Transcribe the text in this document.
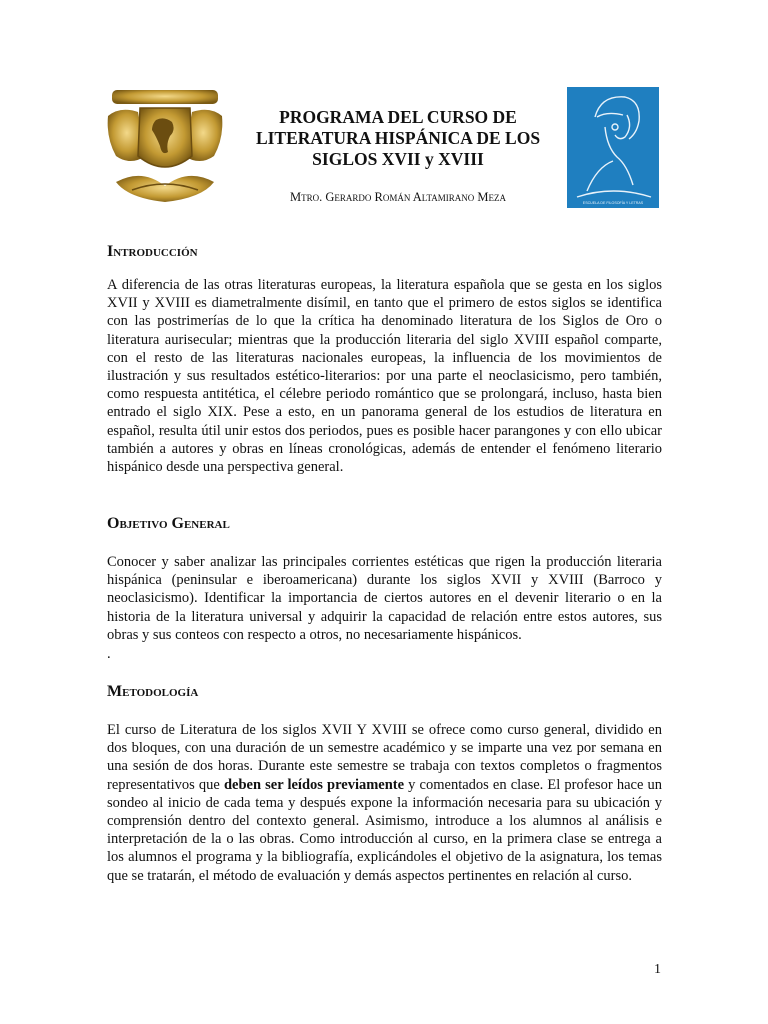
PROGRAMA DEL CURSO DE
LITERATURA HISPÁNICA DE LOS
SIGLOS XVII y XVIII
Mtro. Gerardo Román Altamirano Meza	ESCUELA DE FILOSOFÍA Y LETRAS
Introducción
A diferencia de las otras literaturas europeas, la literatura española que se gesta en los siglos XVII y XVIII es diametralmente disímil, en tanto que el primero de estos siglos se identifica con las postrimerías de lo que la crítica ha denominado literatura de los Siglos de Oro o literatura aurisecular; mientras que la producción literaria del siglo XVIII español comparte, con el resto de las literaturas nacionales europeas, la influencia de los movimientos de ilustración y sus resultados estético-literarios: por una parte el neoclasicismo, pero también, como respuesta antitética, el célebre periodo romántico que se prolongará, incluso, hasta bien entrado el siglo XIX. Pese a esto, en un panorama general de los estudios de literatura en español, resulta útil unir estos dos periodos, pues es posible hacer parangones y con ello ubicar también a autores y obras en líneas cronológicas, además de entender el fenómeno literario hispánico desde una perspectiva general.
Objetivo General
Conocer y saber analizar las principales corrientes estéticas que rigen la producción literaria hispánica (peninsular e iberoamericana) durante los siglos XVII y XVIII (Barroco y neoclasicismo). Identificar la importancia de ciertos autores en el devenir literario o en la historia de la literatura universal y adquirir la capacidad de relación entre estos autores, sus obras y sus conteos con respecto a otros, no necesariamente hispánicos.
.
Metodología
El curso de Literatura de los siglos XVII Y XVIII se ofrece como curso general, dividido en dos bloques, con una duración de un semestre académico y se imparte una vez por semana en una sesión de dos horas. Durante este semestre se trabaja con textos completos o fragmentos representativos que deben ser leídos previamente y comentados en clase. El profesor hace un sondeo al inicio de cada tema y después expone la información necesaria para su ubicación y comprensión dentro del contexto general. Asimismo, introduce a los alumnos al análisis e interpretación de la o las obras. Como introducción al curso, en la primera clase se entrega a los alumnos el programa y la bibliografía, explicándoles el objetivo de la asignatura, los temas que se tratarán, el método de evaluación y demás aspectos pertinentes en relación al curso.
1
